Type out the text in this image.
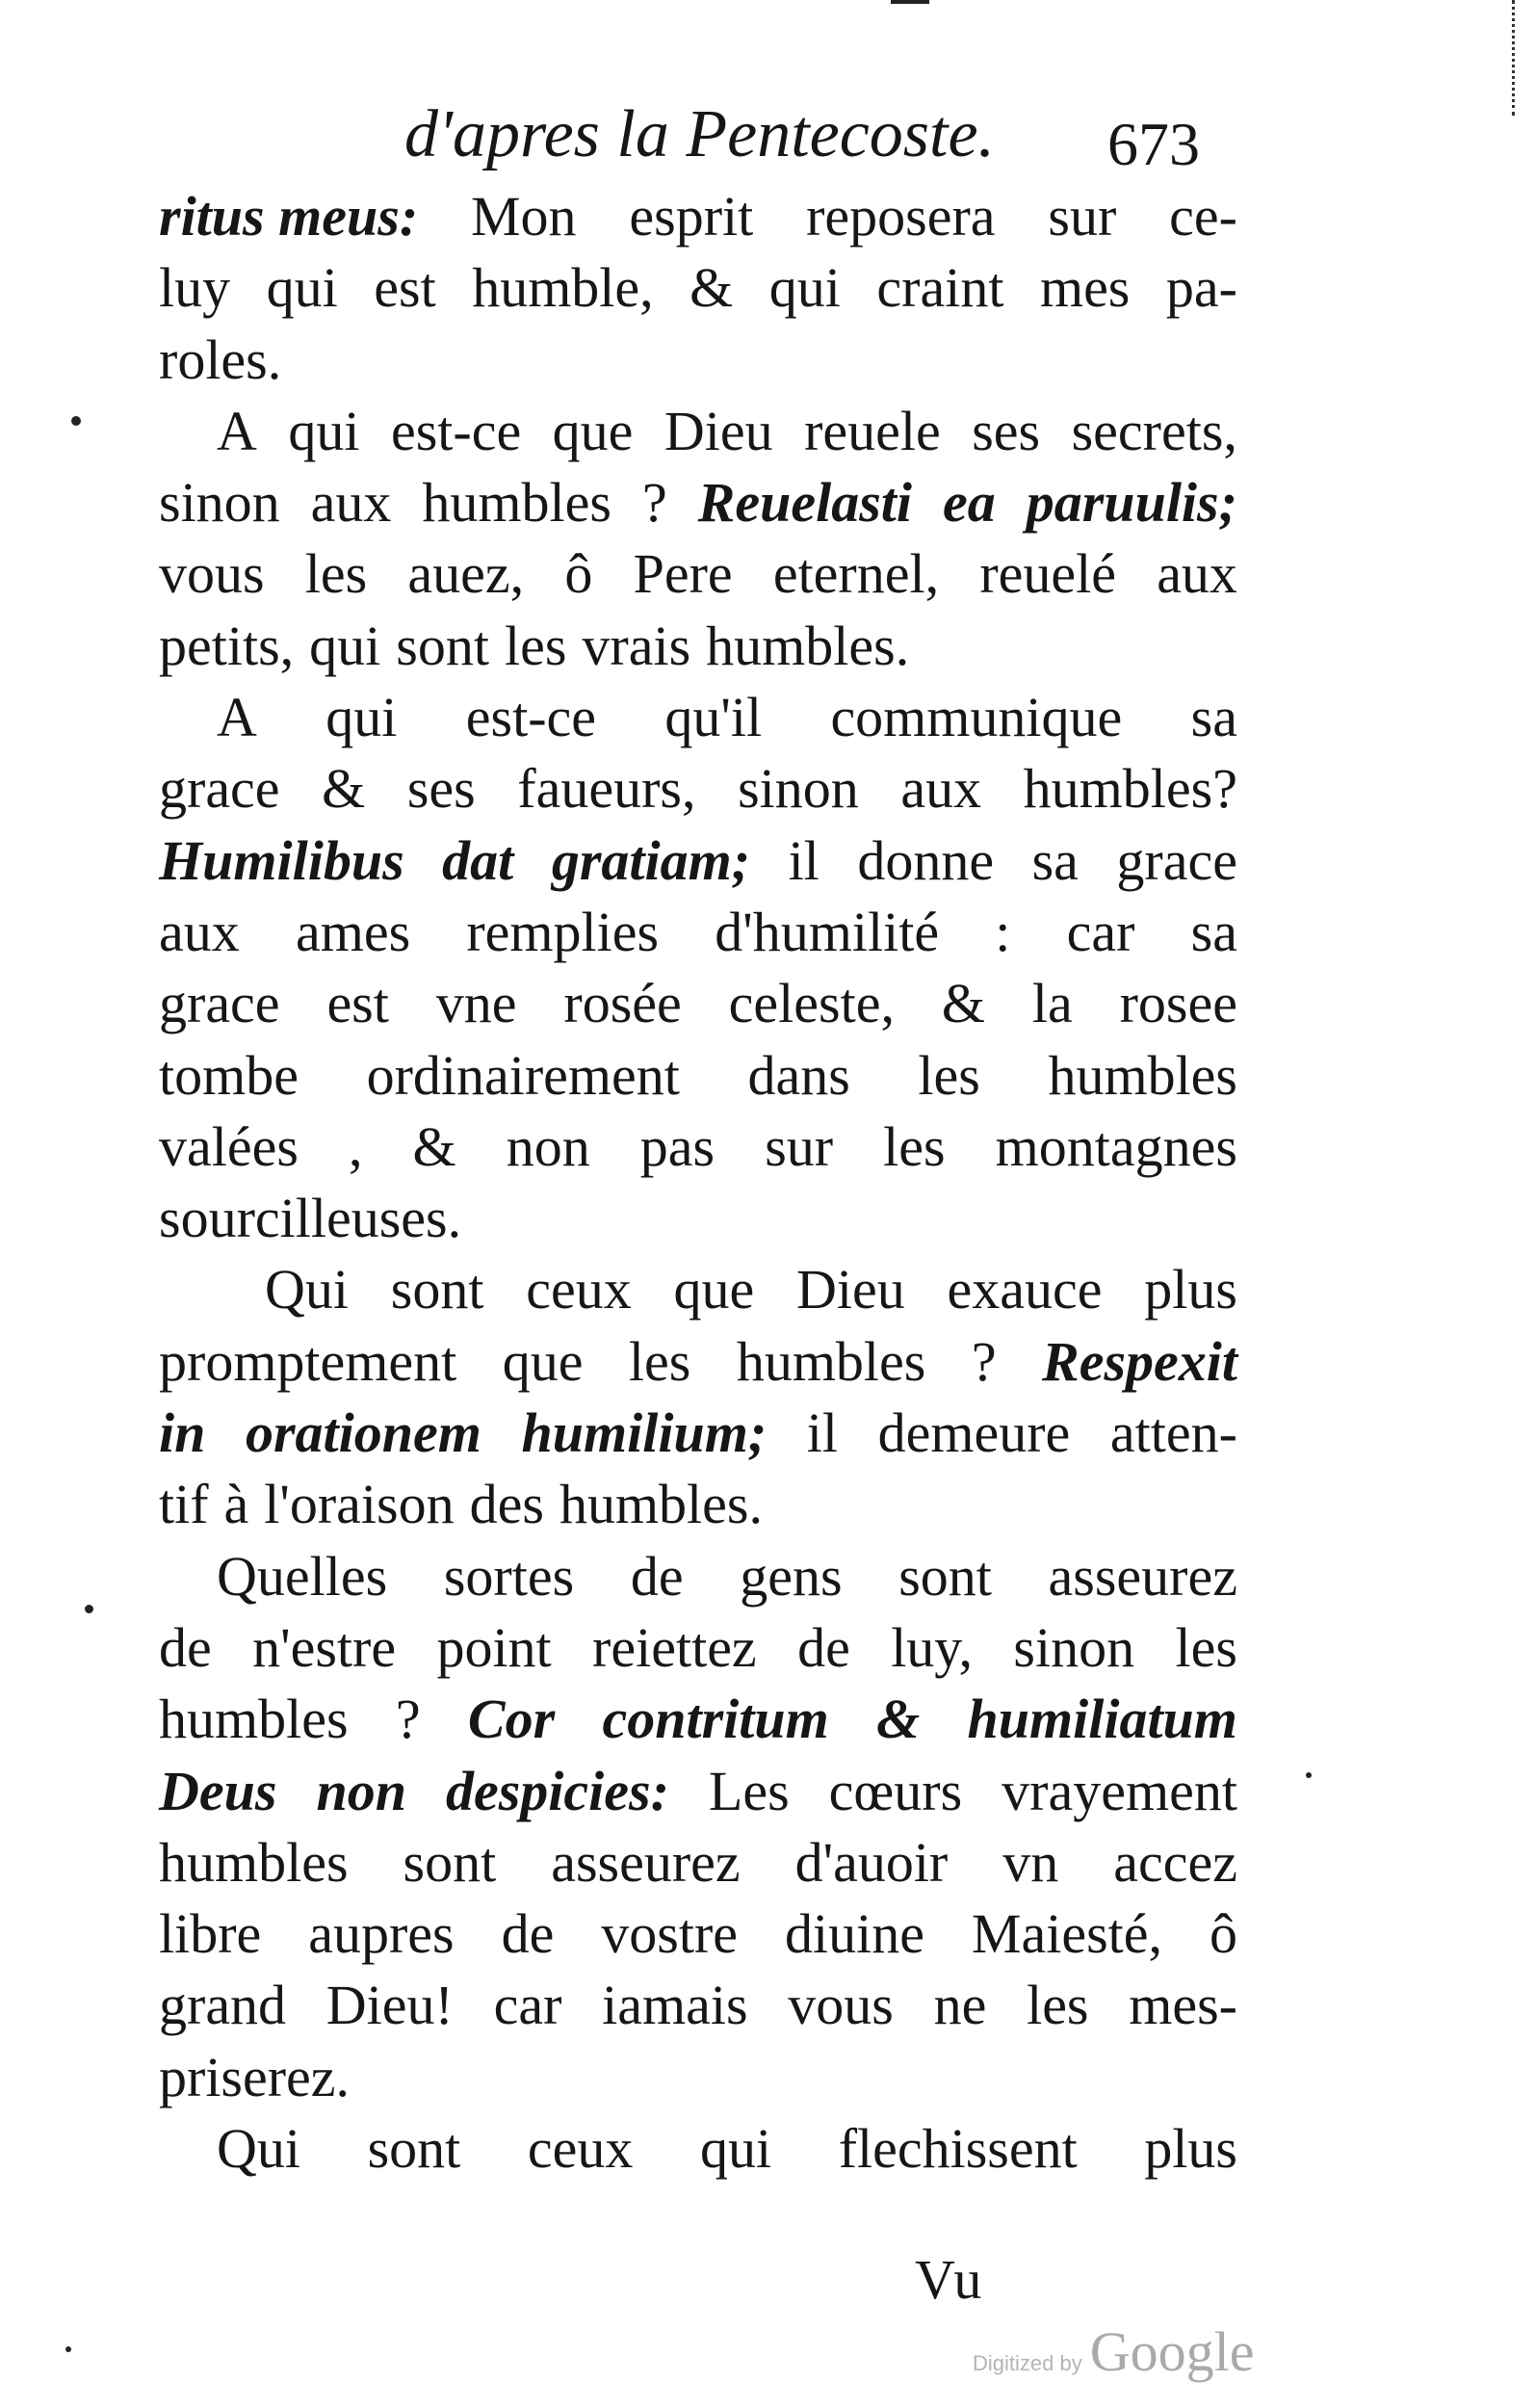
d'apres la Pentecoste. 673
ritus meus: Mon esprit reposera sur ce-
luy qui est humble, & qui craint mes pa-
roles.
A qui est-ce que Dieu reuele ses secrets,
sinon aux humbles ? Reuelasti ea paruulis;
vous les auez, ô Pere eternel, reuelé aux
petits, qui sont les vrais humbles.
A qui est-ce qu'il communique sa
grace & ses faueurs, sinon aux humbles?
Humilibus dat gratiam; il donne sa grace
aux ames remplies d'humilité : car sa
grace est vne rosée celeste, & la rosee
tombe ordinairement dans les humbles
valées , & non pas sur les montagnes
sourcilleuses.
Qui sont ceux que Dieu exauce plus
promptement que les humbles ? Respexit
in orationem humilium; il demeure atten-
tif à l'oraison des humbles.
Quelles sortes de gens sont asseurez
de n'estre point reiettez de luy, sinon les
humbles ? Cor contritum & humiliatum
Deus non despicies: Les cœurs vrayement
humbles sont asseurez d'auoir vn accez
libre aupres de vostre diuine Maiesté, ô
grand Dieu! car iamais vous ne les mes-
priserez.
Qui sont ceux qui flechissent plus
Vu
Digitized by Google
